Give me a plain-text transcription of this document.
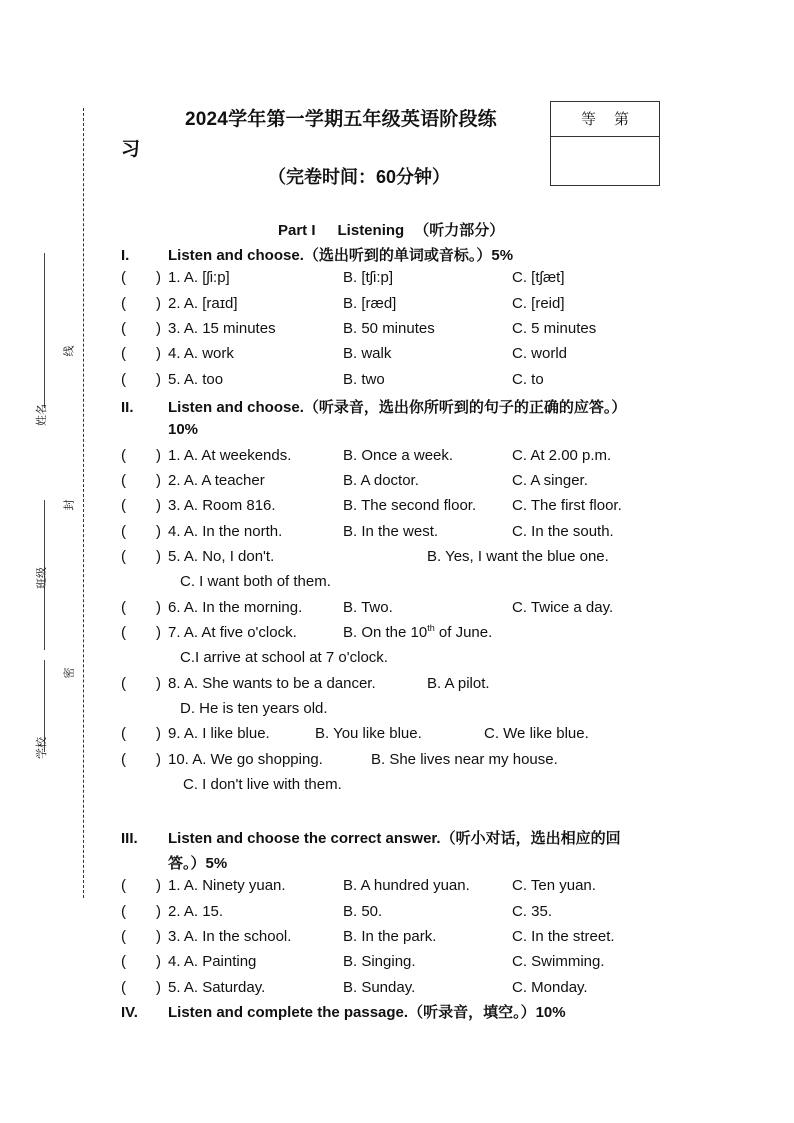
姓名
班级
学校
线
封
密
2024学年第一学期五年级英语阶段练
习
（完卷时间：60分钟）
等第
Part I Listening （听力部分）
I.	Listen and choose.（选出听到的单词或音标。）5%
II. Listen and choose.（听录音，选出你所听到的句子的正确的应答。）
10%
III. Listen and choose the correct answer.（听小对话，选出相应的回
答。）5%
IV. Listen and complete the passage.（听录音，填空。）10%
( ) 1. A. [ʃi:p]	B. [tʃi:p]	C. [tʃæt]
( ) 2. A. [raɪd]	B. [ræd]	C. [reid]
( ) 3. A. 15 minutes	B. 50 minutes	C. 5 minutes
( ) 4. A. work	B. walk	C. world
( ) 5. A. too	B. two	C. to
( ) 1. A. At weekends.	B. Once a week.	C. At 2.00 p.m.
( ) 2. A. A teacher	B. A doctor.	C. A singer.
( ) 3. A. Room 816.	B. The second floor. C. The first floor.
( ) 4. A. In the north.	B. In the west.	C. In the south.
( ) 5. A. No, I don't.	B. Yes, I want the blue one.
C. I want both of them.
( ) 6. A. In the morning.	B. Two.	C. Twice a day.
( ) 7. A. At five o'clock.	B. On the 10th of June.
C.I arrive at school at 7 o'clock.
( ) 8. A. She wants to be a dancer.	B. A pilot.
D. He is ten years old.
( ) 9. A. I like blue.	B. You like blue.	C. We like blue.
( ) 10. A. We go shopping.	B. She lives near my house.
C. I don't live with them.
( ) 1. A. Ninety yuan.	B. A hundred yuan.	C. Ten yuan.
( ) 2. A. 15.	B. 50.	C. 35.
( ) 3. A. In the school.	B. In the park.	C. In the street.
( ) 4. A. Painting	B. Singing.	C. Swimming.
( ) 5. A. Saturday.	B. Sunday.	C. Monday.
